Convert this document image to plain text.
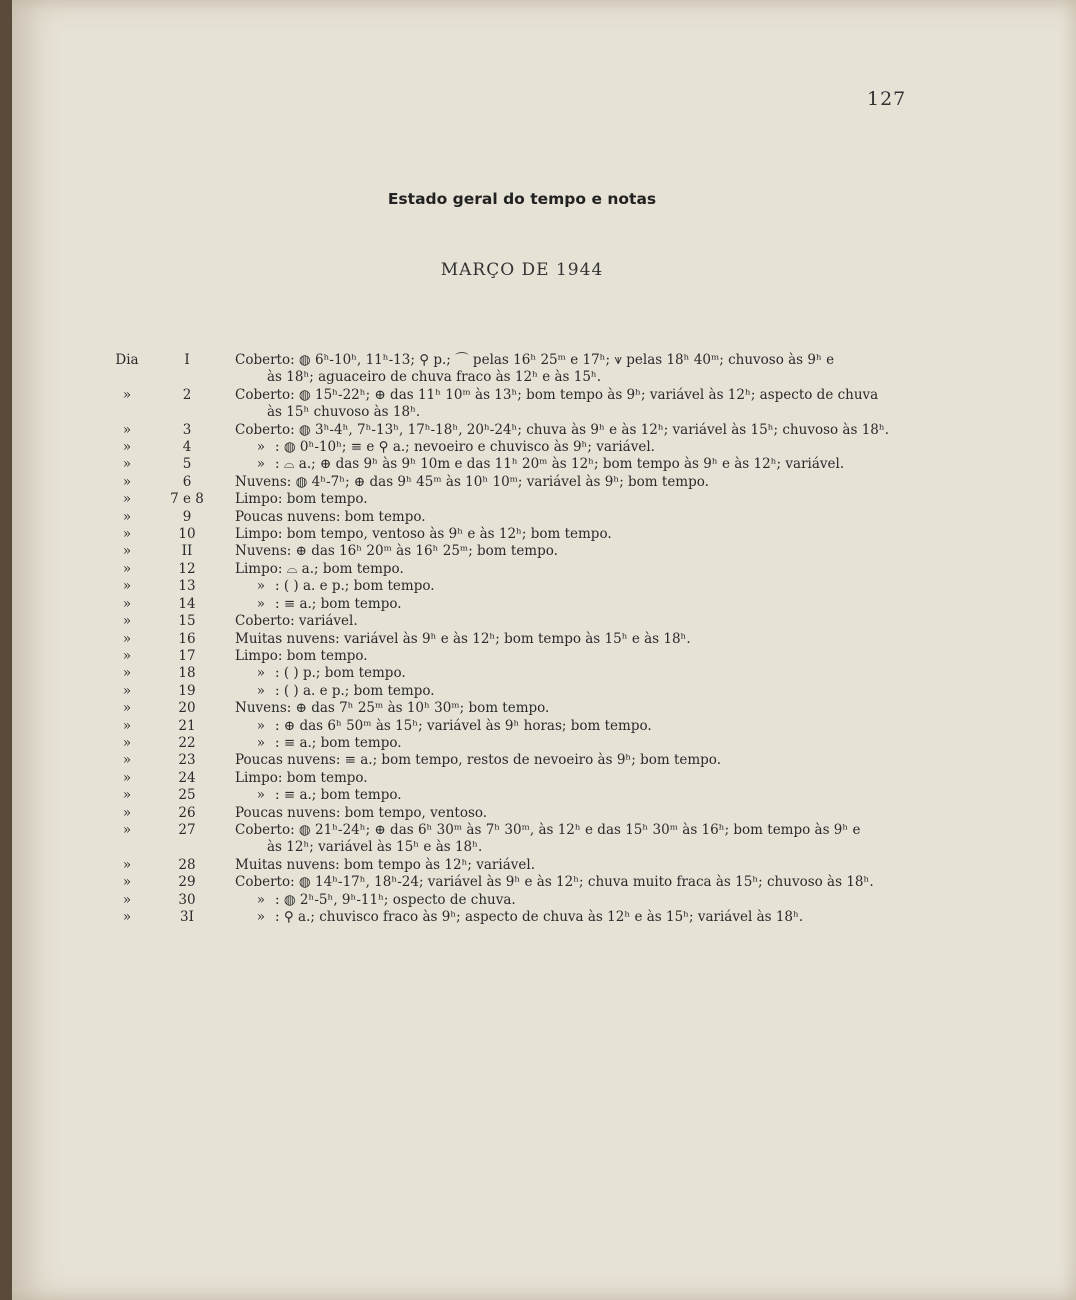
127
Estado geral do tempo e notas
MARÇO DE 1944
Dia	I	Coberto: ◍ 6ʰ-10ʰ, 11ʰ-13; ⚲ p.; ⌒ pelas 16ʰ 25ᵐ e 17ʰ; ⩛ pelas 18ʰ 40ᵐ; chuvoso às 9ʰ e
às 18ʰ; aguaceiro de chuva fraco às 12ʰ e às 15ʰ.
»	2	Coberto: ◍ 15ʰ-22ʰ; ⊕ das 11ʰ 10ᵐ às 13ʰ; bom tempo às 9ʰ; variável às 12ʰ; aspecto de chuva
às 15ʰ chuvoso às 18ʰ.
»	3	Coberto: ◍ 3ʰ-4ʰ, 7ʰ-13ʰ, 17ʰ-18ʰ, 20ʰ-24ʰ; chuva às 9ʰ e às 12ʰ; variável às 15ʰ; chuvoso às 18ʰ.
»	4	» : ◍ 0ʰ-10ʰ; ≡ e ⚲ a.; nevoeiro e chuvisco às 9ʰ; variável.
»	5	» : ⌓ a.; ⊕ das 9ʰ às 9ʰ 10m e das 11ʰ 20ᵐ às 12ʰ; bom tempo às 9ʰ e às 12ʰ; variável.
»	6	Nuvens: ◍ 4ʰ-7ʰ; ⊕ das 9ʰ 45ᵐ às 10ʰ 10ᵐ; variável às 9ʰ; bom tempo.
»	7 e 8	Limpo: bom tempo.
»	9	Poucas nuvens: bom tempo.
»	10	Limpo: bom tempo, ventoso às 9ʰ e às 12ʰ; bom tempo.
»	II	Nuvens: ⊕ das 16ʰ 20ᵐ às 16ʰ 25ᵐ; bom tempo.
»	12	Limpo: ⌓ a.; bom tempo.
»	13	» : ( ) a. e p.; bom tempo.
»	14	» : ≡ a.; bom tempo.
»	15	Coberto: variável.
»	16	Muitas nuvens: variável às 9ʰ e às 12ʰ; bom tempo às 15ʰ e às 18ʰ.
»	17	Limpo: bom tempo.
»	18	» : ( ) p.; bom tempo.
»	19	» : ( ) a. e p.; bom tempo.
»	20	Nuvens: ⊕ das 7ʰ 25ᵐ às 10ʰ 30ᵐ; bom tempo.
»	21	» : ⊕ das 6ʰ 50ᵐ às 15ʰ; variável às 9ʰ horas; bom tempo.
»	22	» : ≡ a.; bom tempo.
»	23	Poucas nuvens: ≡ a.; bom tempo, restos de nevoeiro às 9ʰ; bom tempo.
»	24	Limpo: bom tempo.
»	25	» : ≡ a.; bom tempo.
»	26	Poucas nuvens: bom tempo, ventoso.
»	27	Coberto: ◍ 21ʰ-24ʰ; ⊕ das 6ʰ 30ᵐ às 7ʰ 30ᵐ, às 12ʰ e das 15ʰ 30ᵐ às 16ʰ; bom tempo às 9ʰ e
às 12ʰ; variável às 15ʰ e às 18ʰ.
»	28	Muitas nuvens: bom tempo às 12ʰ; variável.
»	29	Coberto: ◍ 14ʰ-17ʰ, 18ʰ-24; variável às 9ʰ e às 12ʰ; chuva muito fraca às 15ʰ; chuvoso às 18ʰ.
»	30	» : ◍ 2ʰ-5ʰ, 9ʰ-11ʰ; ospecto de chuva.
»	3I	» : ⚲ a.; chuvisco fraco às 9ʰ; aspecto de chuva às 12ʰ e às 15ʰ; variável às 18ʰ.
